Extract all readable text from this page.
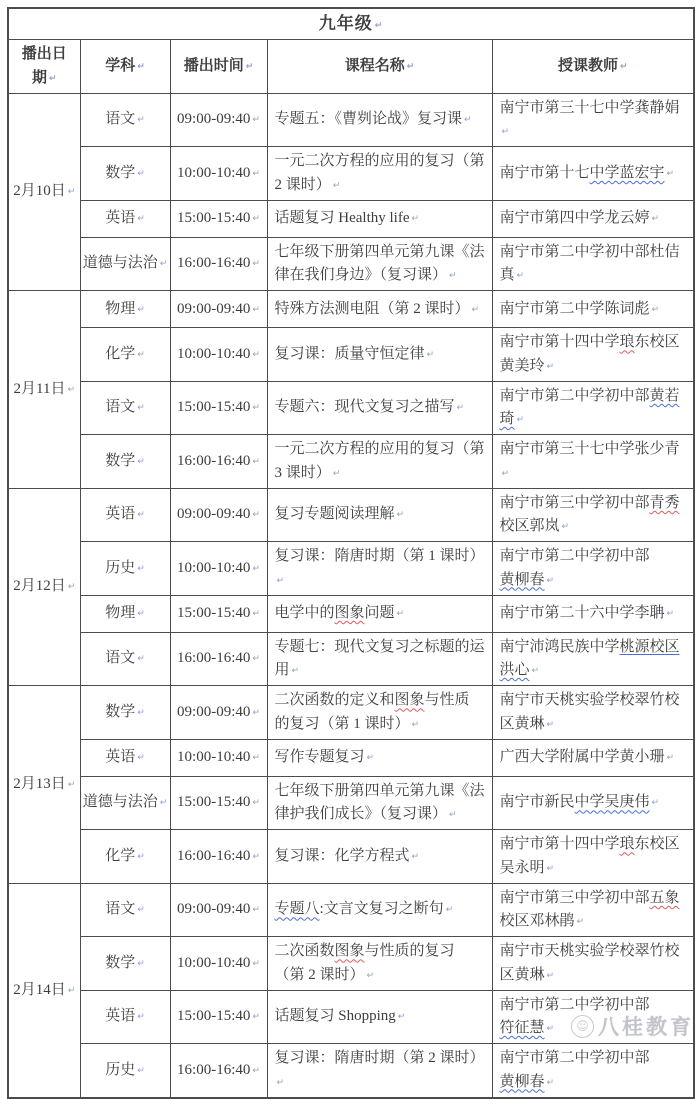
九年级 ↵
播出日期 ↵	学科 ↵	播出时间 ↵	课程名称 ↵	授课教师 ↵
2月10日 ↵	语文 ↵	09:00-09:40 ↵	专题五：《曹刿论战》复习课 ↵	南宁市第三十七中学龚静娟 ↵
	数学 ↵	10:00-10:40 ↵	一元二次方程的应用的复习（第 2 课时） ↵	南宁市第十七中学蓝宏宇 ↵
	英语 ↵	15:00-15:40 ↵	话题复习 Healthy life ↵	南宁市第四中学龙云婷 ↵
	道德与法治 ↵	16:00-16:40 ↵	七年级下册第四单元第九课《法律在我们身边》（复习课） ↵	南宁市第二中学初中部杜佶真 ↵
2月11日 ↵	物理 ↵	09:00-09:40 ↵	特殊方法测电阻（第 2 课时） ↵	南宁市第二中学陈词彪 ↵
	化学 ↵	10:00-10:40 ↵	复习课：质量守恒定律 ↵	南宁市第十四中学琅东校区黄美玲 ↵
	语文 ↵	15:00-15:40 ↵	专题六：现代文复习之描写 ↵	南宁市第二中学初中部黄若琦 ↵
	数学 ↵	16:00-16:40 ↵	一元二次方程的应用的复习（第 3 课时） ↵	南宁市第三十七中学张少青 ↵
2月12日 ↵	英语 ↵	09:00-09:40 ↵	复习专题阅读理解 ↵	南宁市第三中学初中部青秀校区郭岚 ↵
	历史 ↵	10:00-10:40 ↵	复习课：隋唐时期（第 1 课时） ↵	南宁市第二中学初中部
黄柳春 ↵
	物理 ↵	15:00-15:40 ↵	电学中的图象问题 ↵	南宁市第二十六中学李聃 ↵
	语文 ↵	16:00-16:40 ↵	专题七：现代文复习之标题的运用 ↵	南宁沛鸿民族中学桃源校区
洪心 ↵
2月13日 ↵	数学 ↵	09:00-09:40 ↵	二次函数的定义和图象与性质的复习（第 1 课时） ↵	南宁市天桃实验学校翠竹校区黄琳 ↵
	英语 ↵	10:00-10:40 ↵	写作专题复习 ↵	广西大学附属中学黄小珊 ↵
	道德与法治 ↵	15:00-15:40 ↵	七年级下册第四单元第九课《法律护我们成长》（复习课） ↵	南宁市新民中学吴庚伟 ↵
	化学 ↵	16:00-16:40 ↵	复习课：化学方程式 ↵	南宁市第十四中学琅东校区吴永明 ↵
2月14日 ↵	语文 ↵	09:00-09:40 ↵	专题八:文言文复习之断句 ↵	南宁市第三中学初中部五象
校区邓林鹃 ↵
	数学 ↵	10:00-10:40 ↵	二次函数图象与性质的复习（第 2 课时） ↵	南宁市天桃实验学校翠竹校区黄琳 ↵
	英语 ↵	15:00-15:40 ↵	话题复习 Shopping ↵	南宁市第二中学初中部
符征慧 ↵
	历史 ↵	16:00-16:40 ↵	复习课：隋唐时期（第 2 课时） ↵	南宁市第二中学初中部
黄柳春 ↵
☺ 八桂教育
